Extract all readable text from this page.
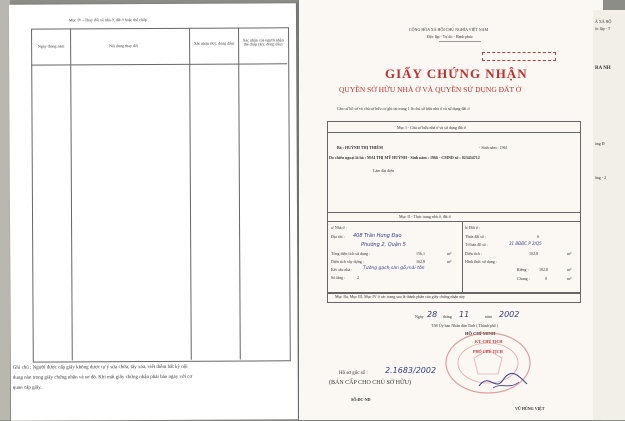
Mục IV - Thay đổi về nhà ở, đất ở hoặc thế chấp
Ngày tháng năm	Nội dung thay đổi	Xác nhận (Ký, đóng dấu)
Xác nhận của người nhận thế chấp (Ký, đóng dấu)
Ghi chú : Người được cấp giấy không được tự ý sửa chữa, tẩy xóa, viết thêm bất kỳ nội
dung nào trong giấy chứng nhận và sơ đồ. Khi mất giấy chứng nhận phải báo ngay với cơ
quan cấp giấy.
CỘNG HÒA XÃ HỘI CHỦ NGHĨA VIỆT NAM
Độc lập - Tự do - Hạnh phúc
GIẤY CHỨNG NHẬN
QUYỀN SỞ HỮU NHÀ Ở VÀ QUYỀN SỬ DỤNG ĐẤT Ở
Căn cứ hồ sơ và chủ sở hữu cơ ghi tại trang 1 là chủ sở hữu nhà ở và sử dụng đất ở
Mục I - Chủ sở hữu nhà ở và sử dụng đất ở
Bà : HUỲNH THỊ THIÊM	- Sinh năm : 1961
Do chiếu ngoại là bà : MAI THỊ MỸ HUỲNH - Sinh năm : 1966 - CMND số : 023454712
Làm đại diện
Mục II - Thực trạng nhà ở, đất ở
a/ Nhà ở :
Địa chỉ : 408 Trần Hưng Đạo
Phường 2, Quận 5
Tổng diện tích sử dụng :	156,1	m²
Diện tích xây dựng :	102,8	m²
Kết cấu nhà : Tường gạch,sàn gỗ,mái tôn
Số tầng :	2
b/ Đất ở :
Thửa đất số :	6
Tờ bản đồ số :	31 BĐĐC P 2/Q5
Diện tích :	102,8	m²
Hình thức sử dụng :
Riêng :	102,8	m²
Chung :	0	m²
Mục IIa, Mục III, Mục IV ở các trang sau là thành phần của giấy chứng nhận này
Ngày 28 tháng 11	năm 2002
T.M Ủy ban Nhân dân Tỉnh ( Thành phố )
HỒ CHÍ MINH
KT. CHỦ TỊCH
PHÓ CHỦ TỊCH
Hồ sơ gốc số : 2.1683/2002
(BẢN CẤP CHO CHỦ SỞ HỮU)
SỐ:ĐC-ND
VŨ HÙNG VIỆT
Á XÃ HỘ
ộc lập - T
RA NH
àng Đ
ầng - 2
